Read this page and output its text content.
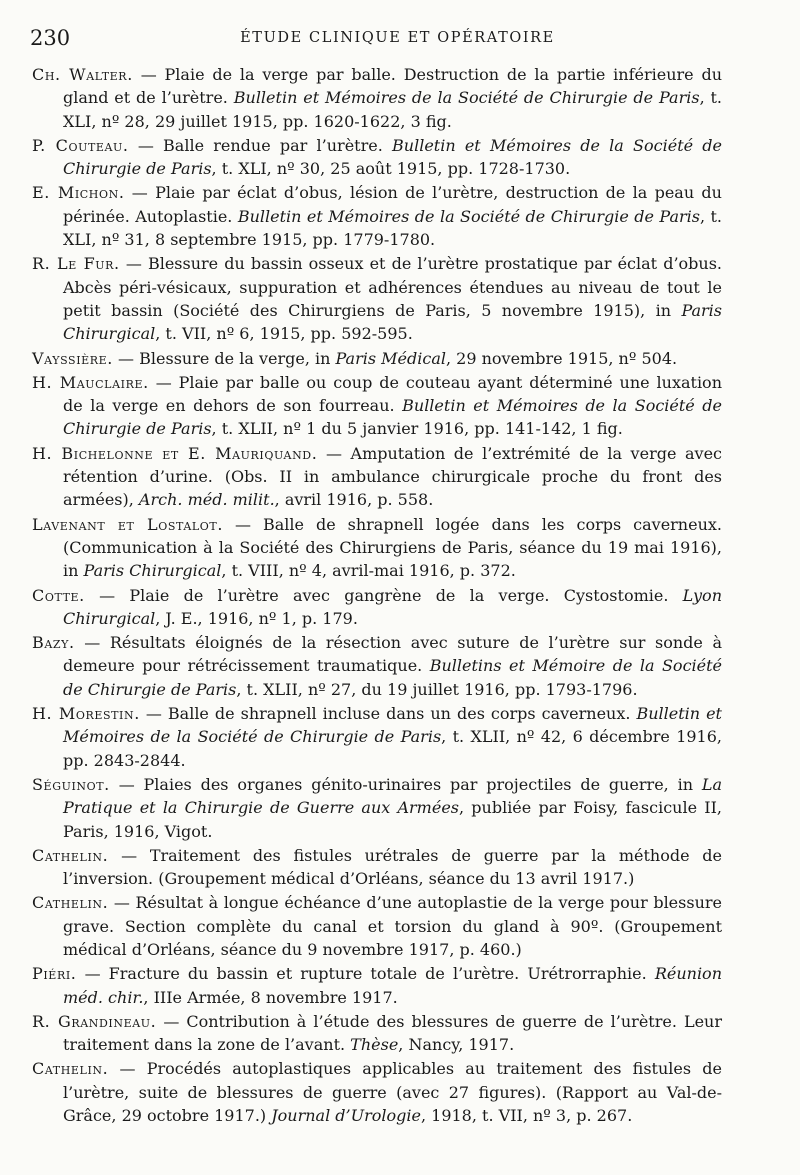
230	ÉTUDE CLINIQUE ET OPÉRATOIRE

Ch. Walter. — Plaie de la verge par balle. Destruction de la partie inférieure du gland et de l’urètre. Bulletin et Mémoires de la Société de Chirurgie de Paris, t. XLI, nº 28, 29 juillet 1915, pp. 1620-1622, 3 fig.

P. Couteau. — Balle rendue par l’urètre. Bulletin et Mémoires de la Société de Chirurgie de Paris, t. XLI, nº 30, 25 août 1915, pp. 1728-1730.

E. Michon. — Plaie par éclat d’obus, lésion de l’urètre, destruction de la peau du périnée. Autoplastie. Bulletin et Mémoires de la Société de Chirurgie de Paris, t. XLI, nº 31, 8 septembre 1915, pp. 1779-1780.

R. Le Fur. — Blessure du bassin osseux et de l’urètre prostatique par éclat d’obus. Abcès péri-vésicaux, suppuration et adhérences étendues au niveau de tout le petit bassin (Société des Chirurgiens de Paris, 5 novembre 1915), in Paris Chirurgical, t. VII, nº 6, 1915, pp. 592-595.

Vayssière. — Blessure de la verge, in Paris Médical, 29 novembre 1915, nº 504.

H. Mauclaire. — Plaie par balle ou coup de couteau ayant déterminé une luxation de la verge en dehors de son fourreau. Bulletin et Mémoires de la Société de Chirurgie de Paris, t. XLII, nº 1 du 5 janvier 1916, pp. 141-142, 1 fig.

H. Bichelonne et E. Mauriquand. — Amputation de l’extrémité de la verge avec rétention d’urine. (Obs. II in ambulance chirurgicale proche du front des armées), Arch. méd. milit., avril 1916, p. 558.

Lavenant et Lostalot. — Balle de shrapnell logée dans les corps caverneux. (Communication à la Société des Chirurgiens de Paris, séance du 19 mai 1916), in Paris Chirurgical, t. VIII, nº 4, avril-mai 1916, p. 372.

Cotte. — Plaie de l’urètre avec gangrène de la verge. Cystostomie. Lyon Chirurgical, J. E., 1916, nº 1, p. 179.

Bazy. — Résultats éloignés de la résection avec suture de l’urètre sur sonde à demeure pour rétrécissement traumatique. Bulletins et Mémoire de la Société de Chirurgie de Paris, t. XLII, nº 27, du 19 juillet 1916, pp. 1793-1796.

H. Morestin. — Balle de shrapnell incluse dans un des corps caverneux. Bulletin et Mémoires de la Société de Chirurgie de Paris, t. XLII, nº 42, 6 décembre 1916, pp. 2843-2844.

Séguinot. — Plaies des organes génito-urinaires par projectiles de guerre, in La Pratique et la Chirurgie de Guerre aux Armées, publiée par Foisy, fascicule II, Paris, 1916, Vigot.

Cathelin. — Traitement des fistules urétrales de guerre par la méthode de l’inversion. (Groupement médical d’Orléans, séance du 13 avril 1917.)

Cathelin. — Résultat à longue échéance d’une autoplastie de la verge pour blessure grave. Section complète du canal et torsion du gland à 90º. (Groupement médical d’Orléans, séance du 9 novembre 1917, p. 460.)

Piéri. — Fracture du bassin et rupture totale de l’urètre. Urétrorraphie. Réunion méd. chir., IIIe Armée, 8 novembre 1917.

R. Grandineau. — Contribution à l’étude des blessures de guerre de l’urètre. Leur traitement dans la zone de l’avant. Thèse, Nancy, 1917.

Cathelin. — Procédés autoplastiques applicables au traitement des fistules de l’urètre, suite de blessures de guerre (avec 27 figures). (Rapport au Val-de-Grâce, 29 octobre 1917.) Journal d’Urologie, 1918, t. VII, nº 3, p. 267.
